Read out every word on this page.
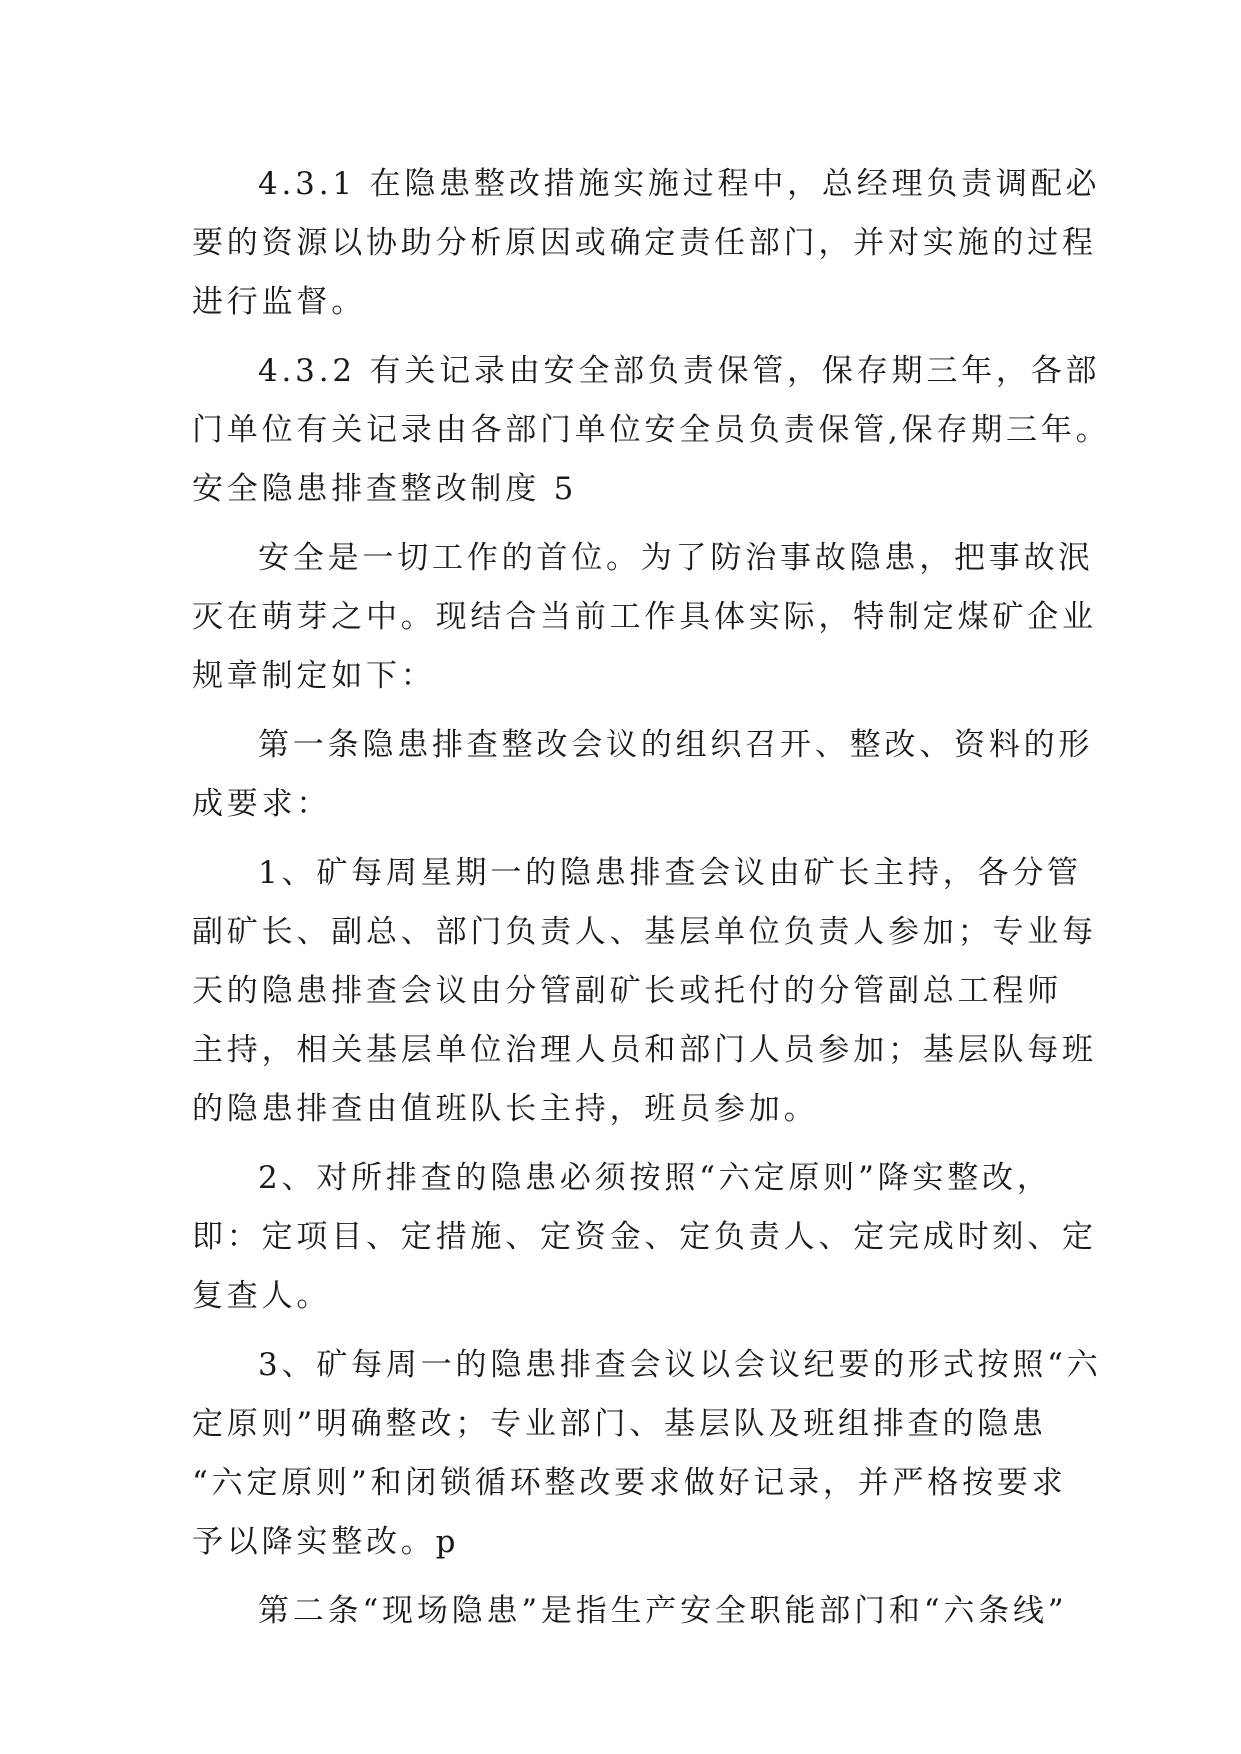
4.3.1 在隐患整改措施实施过程中，总经理负责调配必
要的资源以协助分析原因或确定责任部门，并对实施的过程
进行监督。
4.3.2 有关记录由安全部负责保管，保存期三年，各部
门单位有关记录由各部门单位安全员负责保管,保存期三年。
安全隐患排查整改制度 5
安全是一切工作的首位。为了防治事故隐患，把事故泯
灭在萌芽之中。现结合当前工作具体实际，特制定煤矿企业
规章制定如下：
第一条隐患排查整改会议的组织召开、整改、资料的形
成要求：
1、矿每周星期一的隐患排查会议由矿长主持，各分管
副矿长、副总、部门负责人、基层单位负责人参加；专业每
天的隐患排查会议由分管副矿长或托付的分管副总工程师
主持，相关基层单位治理人员和部门人员参加；基层队每班
的隐患排查由值班队长主持，班员参加。
2、对所排查的隐患必须按照“六定原则”降实整改，
即：定项目、定措施、定资金、定负责人、定完成时刻、定
复查人。
3、矿每周一的隐患排查会议以会议纪要的形式按照“六
定原则”明确整改；专业部门、基层队及班组排查的隐患
“六定原则”和闭锁循环整改要求做好记录，并严格按要求
予以降实整改。p
第二条“现场隐患”是指生产安全职能部门和“六条线”
